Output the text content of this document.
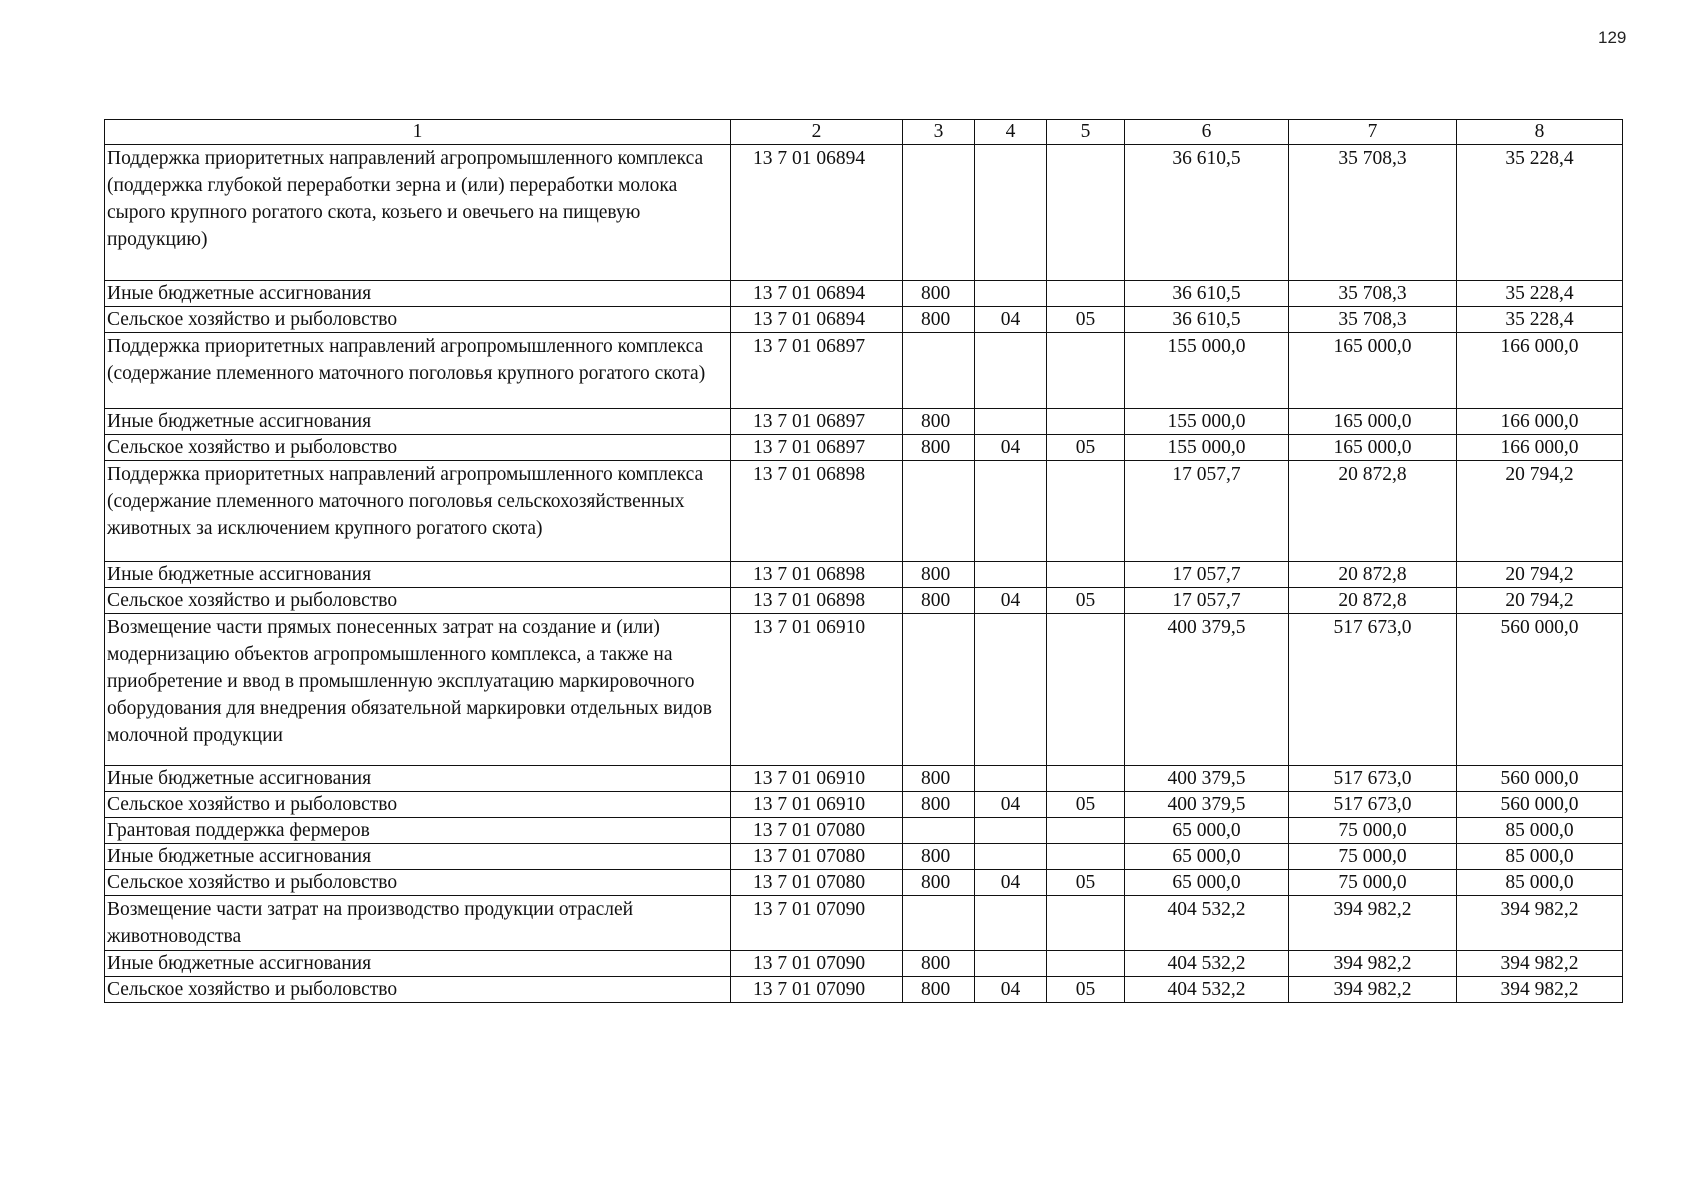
129
1	2	3	4	5	6	7	8
Поддержка приоритетных направлений агропромышленного комплекса (поддержка глубокой переработки зерна и (или) переработки молока сырого крупного рогатого скота, козьего и овечьего на пищевую продукцию)	13 7 01 06894				36 610,5	35 708,3	35 228,4
Иные бюджетные ассигнования	13 7 01 06894	800			36 610,5	35 708,3	35 228,4
Сельское хозяйство и рыболовство	13 7 01 06894	800	04	05	36 610,5	35 708,3	35 228,4
Поддержка приоритетных направлений агропромышленного комплекса (содержание племенного маточного поголовья крупного рогатого скота)	13 7 01 06897				155 000,0	165 000,0	166 000,0
Иные бюджетные ассигнования	13 7 01 06897	800			155 000,0	165 000,0	166 000,0
Сельское хозяйство и рыболовство	13 7 01 06897	800	04	05	155 000,0	165 000,0	166 000,0
Поддержка приоритетных направлений агропромышленного комплекса (содержание племенного маточного поголовья сельскохозяйственных животных за исключением крупного рогатого скота)	13 7 01 06898				17 057,7	20 872,8	20 794,2
Иные бюджетные ассигнования	13 7 01 06898	800			17 057,7	20 872,8	20 794,2
Сельское хозяйство и рыболовство	13 7 01 06898	800	04	05	17 057,7	20 872,8	20 794,2
Возмещение части прямых понесенных затрат на создание и (или) модернизацию объектов агропромышленного комплекса, а также на приобретение и ввод в промышленную эксплуатацию маркировочного оборудования для внедрения обязательной маркировки отдельных видов молочной продукции	13 7 01 06910				400 379,5	517 673,0	560 000,0
Иные бюджетные ассигнования	13 7 01 06910	800			400 379,5	517 673,0	560 000,0
Сельское хозяйство и рыболовство	13 7 01 06910	800	04	05	400 379,5	517 673,0	560 000,0
Грантовая поддержка фермеров	13 7 01 07080				65 000,0	75 000,0	85 000,0
Иные бюджетные ассигнования	13 7 01 07080	800			65 000,0	75 000,0	85 000,0
Сельское хозяйство и рыболовство	13 7 01 07080	800	04	05	65 000,0	75 000,0	85 000,0
Возмещение части затрат на производство продукции отраслей животноводства	13 7 01 07090				404 532,2	394 982,2	394 982,2
Иные бюджетные ассигнования	13 7 01 07090	800			404 532,2	394 982,2	394 982,2
Сельское хозяйство и рыболовство	13 7 01 07090	800	04	05	404 532,2	394 982,2	394 982,2
